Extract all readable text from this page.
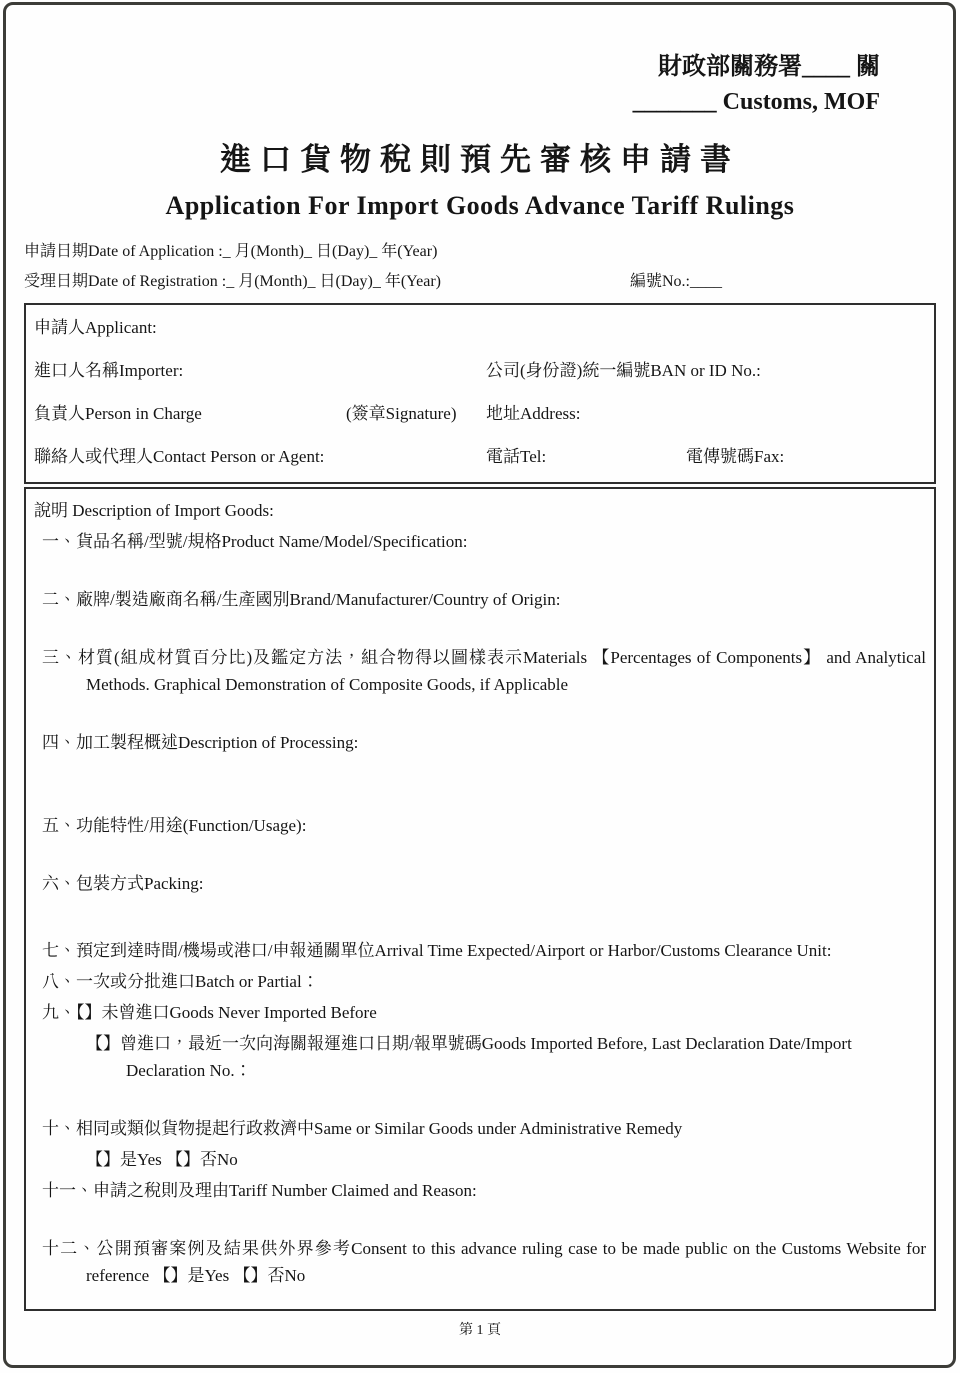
財政部關務署____ 關
_______ Customs, MOF
進口貨物稅則預先審核申請書
Application For Import Goods Advance Tariff Rulings
申請日期Date of Application :_ 月(Month)_ 日(Day)_ 年(Year)
受理日期Date of Registration :_ 月(Month)_ 日(Day)_ 年(Year)	編號No.:____
申請人Applicant:
進口人名稱Importer:	公司(身份證)統一編號BAN or ID No.:
負責人Person in Charge	(簽章Signature)	地址Address:
聯絡人或代理人Contact Person or Agent:	電話Tel:	電傳號碼Fax:

說明 Description of Import Goods:

一、貨品名稱/型號/規格Product Name/Model/Specification:
二、廠牌/製造廠商名稱/生產國別Brand/Manufacturer/Country of Origin:
三、材質(組成材質百分比)及鑑定方法，組合物得以圖樣表示Materials 【Percentages of Components】 and Analytical Methods. Graphical Demonstration of Composite Goods, if Applicable
四、加工製程概述Description of Processing:
五、功能特性/用途(Function/Usage):
六、包裝方式Packing:
七、預定到達時間/機場或港口/申報通關單位Arrival Time Expected/Airport or Harbor/Customs Clearance Unit:
八、一次或分批進口Batch or Partial：
九、【】未曾進口Goods Never Imported Before
【】曾進口，最近一次向海關報運進口日期/報單號碼Goods Imported Before, Last Declaration Date/Import Declaration No.：
十、相同或類似貨物提起行政救濟中Same or Similar Goods under Administrative Remedy
【】是Yes 【】否No
十一、申請之稅則及理由Tariff Number Claimed and Reason:
十二、公開預審案例及結果供外界參考Consent to this advance ruling case to be made public on the Customs Website for reference 【】是Yes 【】否No
第 1 頁
